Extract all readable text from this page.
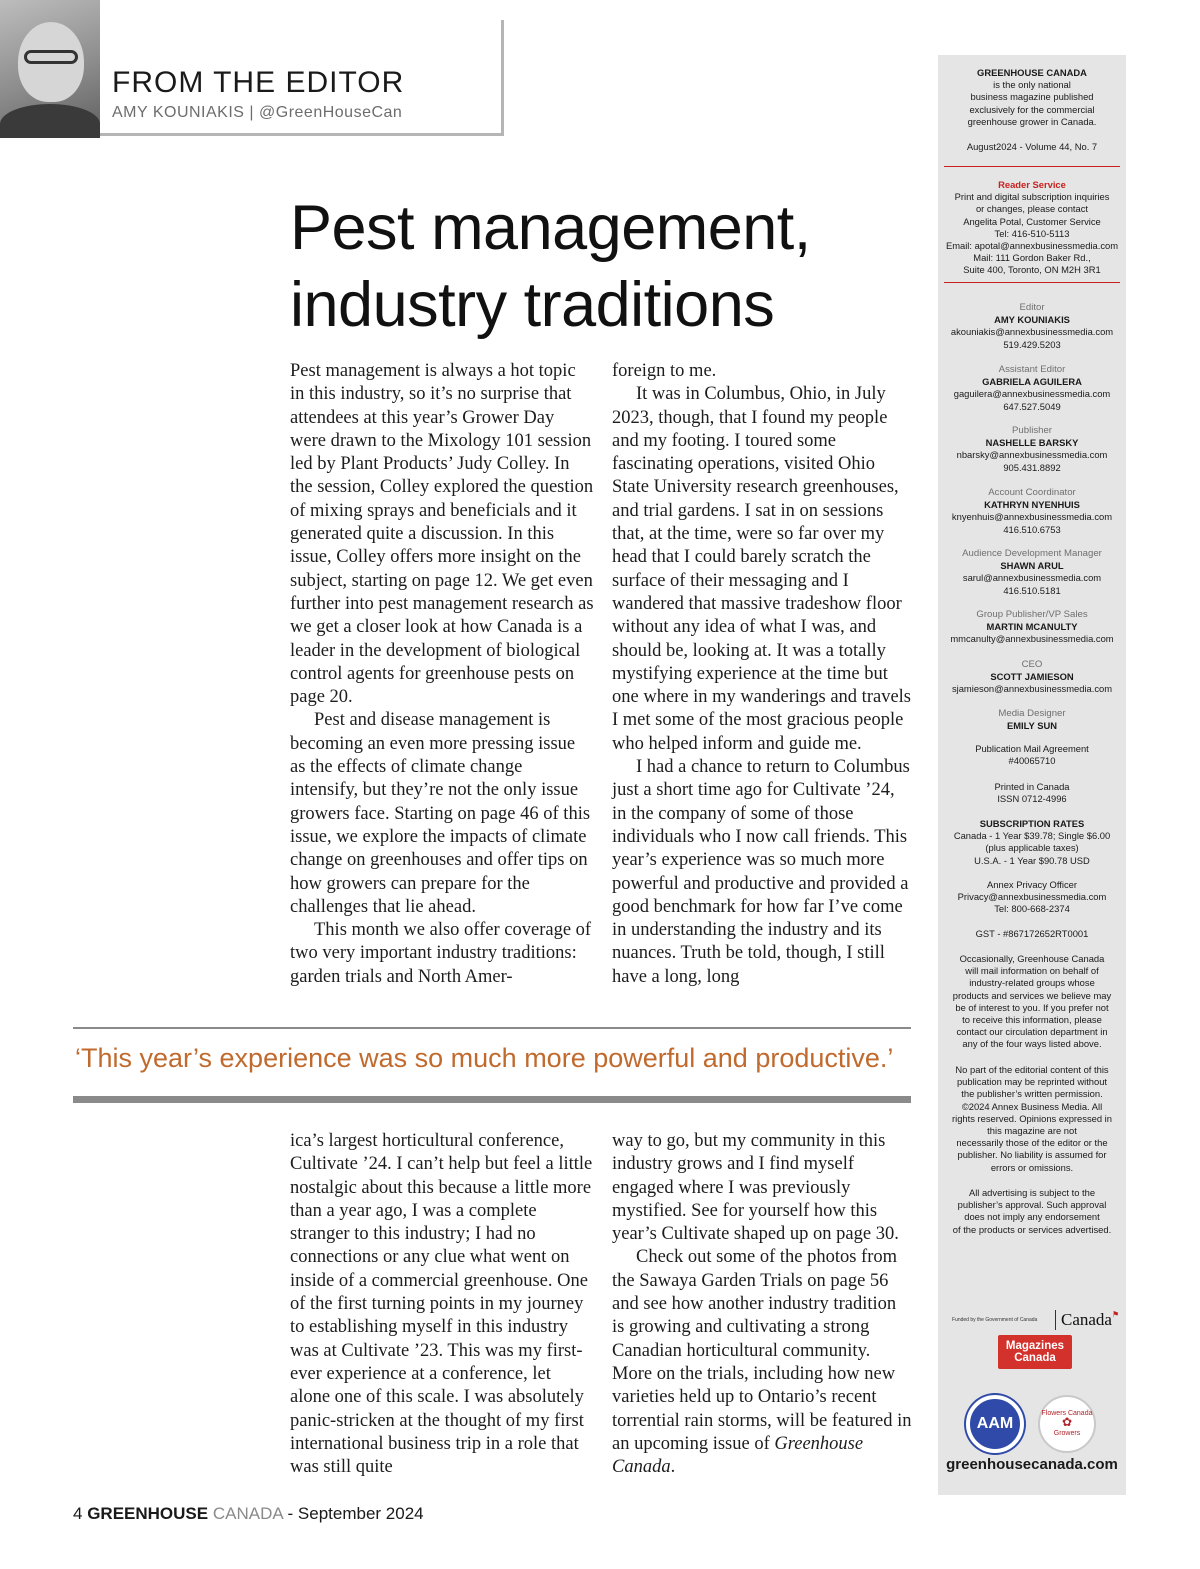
FROM THE EDITOR
AMY KOUNIAKIS | @GreenHouseCan
Pest management,
industry traditions

Pest management is always a hot topic in this industry, so it’s no surprise that attendees at this year’s Grower Day were drawn to the Mixology 101 session led by Plant Products’ Judy Colley. In the session, Colley explored the question of mixing sprays and beneficials and it generated quite a discussion. In this issue, Colley offers more insight on the subject, starting on page 12. We get even further into pest management research as we get a closer look at how Canada is a leader in the development of biological control agents for greenhouse pests on page 20.

Pest and disease management is becoming an even more pressing issue as the effects of climate change intensify, but they’re not the only issue growers face. Starting on page 46 of this issue, we explore the impacts of climate change on greenhouses and offer tips on how growers can prepare for the challenges that lie ahead.

This month we also offer coverage of two very important industry traditions: garden trials and North Amer-

foreign to me.

It was in Columbus, Ohio, in July 2023, though, that I found my people and my footing. I toured some fascinating operations, visited Ohio State University research greenhouses, and trial gardens. I sat in on sessions that, at the time, were so far over my head that I could barely scratch the surface of their messaging and I wandered that massive tradeshow floor without any idea of what I was, and should be, looking at. It was a totally mystifying experience at the time but one where in my wanderings and travels I met some of the most gracious people who helped inform and guide me.

I had a chance to return to Columbus just a short time ago for Cultivate ’24, in the company of some of those individuals who I now call friends. This year’s experience was so much more powerful and productive and provided a good benchmark for how far I’ve come in understanding the industry and its nuances. Truth be told, though, I still have a long, long

‘This year’s experience was so much more powerful and productive.’

ica’s largest horticultural conference, Cultivate ’24. I can’t help but feel a little nostalgic about this because a little more than a year ago, I was a complete stranger to this industry; I had no connections or any clue what went on inside of a commercial greenhouse. One of the first turning points in my journey to establishing myself in this industry was at Cultivate ’23. This was my first-ever experience at a conference, let alone one of this scale. I was absolutely panic-stricken at the thought of my first international business trip in a role that was still quite

way to go, but my community in this industry grows and I find myself engaged where I was previously mystified. See for yourself how this year’s Cultivate shaped up on page 30.

Check out some of the photos from the Sawaya Garden Trials on page 56 and see how another industry tradition is growing and cultivating a strong Canadian horticultural community. More on the trials, including how new varieties held up to Ontario’s recent torrential rain storms, will be featured in an upcoming issue of Greenhouse Canada.

4 GREENHOUSE CANADA - September 2024
GREENHOUSE CANADA
is the only national
business magazine published
exclusively for the commercial
greenhouse grower in Canada.
August2024 - Volume 44, No. 7
Reader Service
Print and digital subscription inquiries
or changes, please contact
Angelita Potal, Customer Service
Tel: 416-510-5113
Email: apotal@annexbusinessmedia.com
Mail: 111 Gordon Baker Rd.,
Suite 400, Toronto, ON M2H 3R1
Editor
AMY KOUNIAKIS
akouniakis@annexbusinessmedia.com
519.429.5203
Assistant Editor
GABRIELA AGUILERA
gaguilera@annexbusinessmedia.com
647.527.5049
Publisher
NASHELLE BARSKY
nbarsky@annexbusinessmedia.com
905.431.8892
Account Coordinator
KATHRYN NYENHUIS
knyenhuis@annexbusinessmedia.com
416.510.6753
Audience Development Manager
SHAWN ARUL
sarul@annexbusinessmedia.com
416.510.5181
Group Publisher/VP Sales
MARTIN MCANULTY
mmcanulty@annexbusinessmedia.com
CEO
SCOTT JAMIESON
sjamieson@annexbusinessmedia.com
Media Designer
EMILY SUN
Publication Mail Agreement
#40065710
Printed in Canada
ISSN 0712-4996
SUBSCRIPTION RATES
Canada - 1 Year $39.78; Single $6.00
(plus applicable taxes)
U.S.A. - 1 Year $90.78 USD
Annex Privacy Officer
Privacy@annexbusinessmedia.com
Tel: 800-668-2374
GST - #867172652RT0001
Occasionally, Greenhouse Canada
will mail information on behalf of
industry-related groups whose
products and services we believe may
be of interest to you. If you prefer not
to receive this information, please
contact our circulation department in
any of the four ways listed above.
No part of the editorial content of this
publication may be reprinted without
the publisher’s written permission.
©2024 Annex Business Media. All
rights reserved. Opinions expressed in
this magazine are not
necessarily those of the editor or the
publisher. No liability is assumed for
errors or omissions.
All advertising is subject to the
publisher’s approval. Such approval
does not imply any endorsement
of the products or services advertised.
Funded by the Government of Canada Canada ⚑
Magazines
Canada
AAM
Flowers Canada
✿
Growers
greenhousecanada.com
